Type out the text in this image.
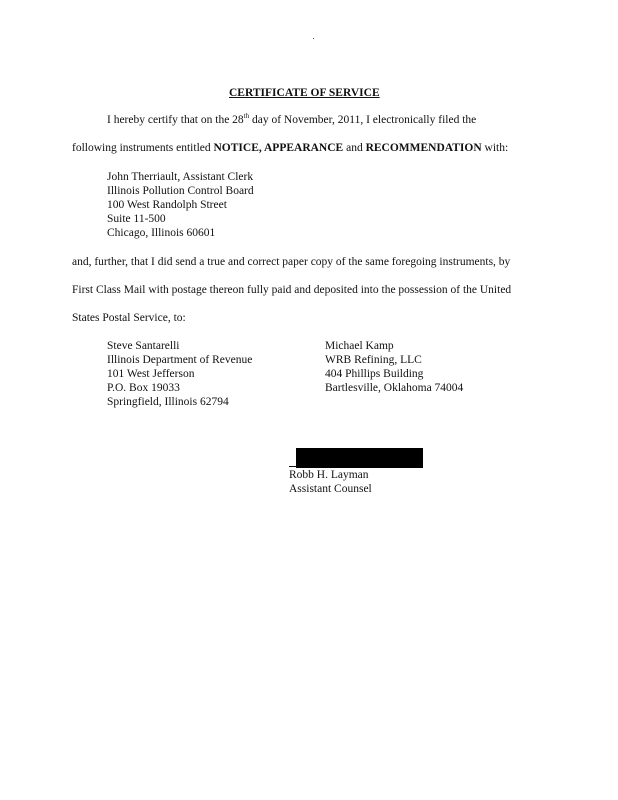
CERTIFICATE OF SERVICE
I hereby certify that on the 28th day of November, 2011, I electronically filed the
following instruments entitled NOTICE, APPEARANCE and RECOMMENDATION with:
John Therriault, Assistant Clerk
Illinois Pollution Control Board
100 West Randolph Street
Suite 11-500
Chicago, Illinois 60601
and, further, that I did send a true and correct paper copy of the same foregoing instruments, by
First Class Mail with postage thereon fully paid and deposited into the possession of the United
States Postal Service, to:
Steve Santarelli
Illinois Department of Revenue
101 West Jefferson
P.O. Box 19033
Springfield, Illinois 62794
Michael Kamp
WRB Refining, LLC
404 Phillips Building
Bartlesville, Oklahoma 74004
Robb H. Layman
Assistant Counsel
